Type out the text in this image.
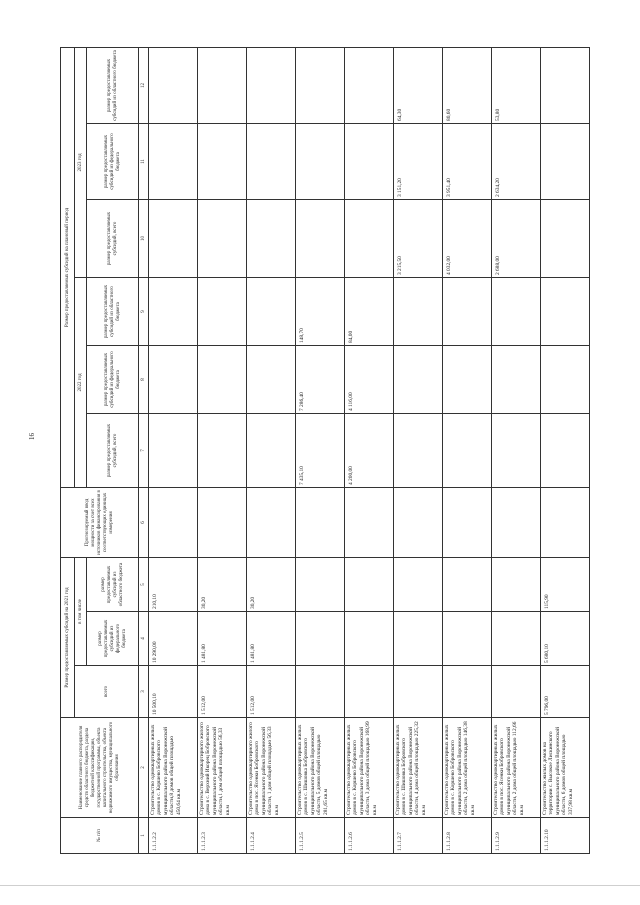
16
№ п/п	Наименование главного распорядителя средств областного бюджета, раздела бюджетной классификации, государственной программы, объекта капитального строительства, объекта недвижимого имущества, муниципального образования	Размер предоставляемых субсидий на 2021 год			Прогнозируемый ввод мощности за счет всех источников финансирования в соответствующих единицах измерения	Размер предоставляемых субсидий на плановый период					
		всего	в том числе			2022 год			2023 год		
			размер предоставляемых субсидий из федерального бюджета	размер предоставляемых субсидий из областного бюджета		размер предоставляемых субсидий, всего	размер предоставляемых субсидий из федерального бюджета	размер предоставляемых субсидий из областного бюджета	размер предоставляемых субсидий, всего	размер предоставляемых субсидий из федерального бюджета	размер предоставляемых субсидий из областного бюджета

1	2	3	4	5	6	7	8	9	10	11	12
1.1.1.2.2	Строительство одноквартирных жилых домов в с. Коршево Бобровского муниципального района Воронежской области,8 домов общей площадью 450,64 кв.м	10 500,10	10 290,00	210,10							
1.1.1.2.3	Строительство одноквартирного жилого дома в с. Верхний Икорец Бобровского муниципального района Воронежской области,1 дом общей площадью 56,33 кв.м	1 512,00	1 481,80	30,20							
1.1.1.2.4	Строительство одноквартирного жилого дома в пос. Ясенки Бобровского муниципального района Воронежской области, 1 дом общей площадью 56,33 кв.м	1 512,00	1 481,80	30,20							
1.1.1.2.5	Строительство одноквартирных жилых домов в с. Шишовка Бобровского муниципального района Воронежской области, 5 домов общей площадью 281,65 кв.м					7 435,10	7 286,40	148,70			
1.1.1.2.6	Строительство одноквартирных жилых домов в с. Коршево Бобровского муниципального района Воронежской области, 3 дома общей площадью 168,99 кв.м					4 200,00	4 116,00	84,00			
1.1.1.2.7	Строительство одноквартирных жилых домов в с. Шишовка Бобровского муниципального района Воронежской области, 4 дома общей площадью 225,32 кв.м								3 215,50	3 151,20	64,30
1.1.1.2.8	Строительство одноквартирных жилых домов в с. Коршево Бобровского муниципального района Воронежской области, 2 дома общей площадью 146,38 кв.м								4 032,00	3 951,40	80,60
1.1.1.2.9	Строительство одноквартирных жилых домов в пос. Ясенки Бобровского муниципального района Воронежской области, 2 дома общей площадью 112,66 кв.м								2 688,00	2 634,20	53,80
1.1.1.2.10	Строительство жилых домов на территории с. Высокое Лискинского муниципального района Воронежской области, 6 домов общей площадью 337,98 кв.м	5 796,00	5 680,10	115,90							
